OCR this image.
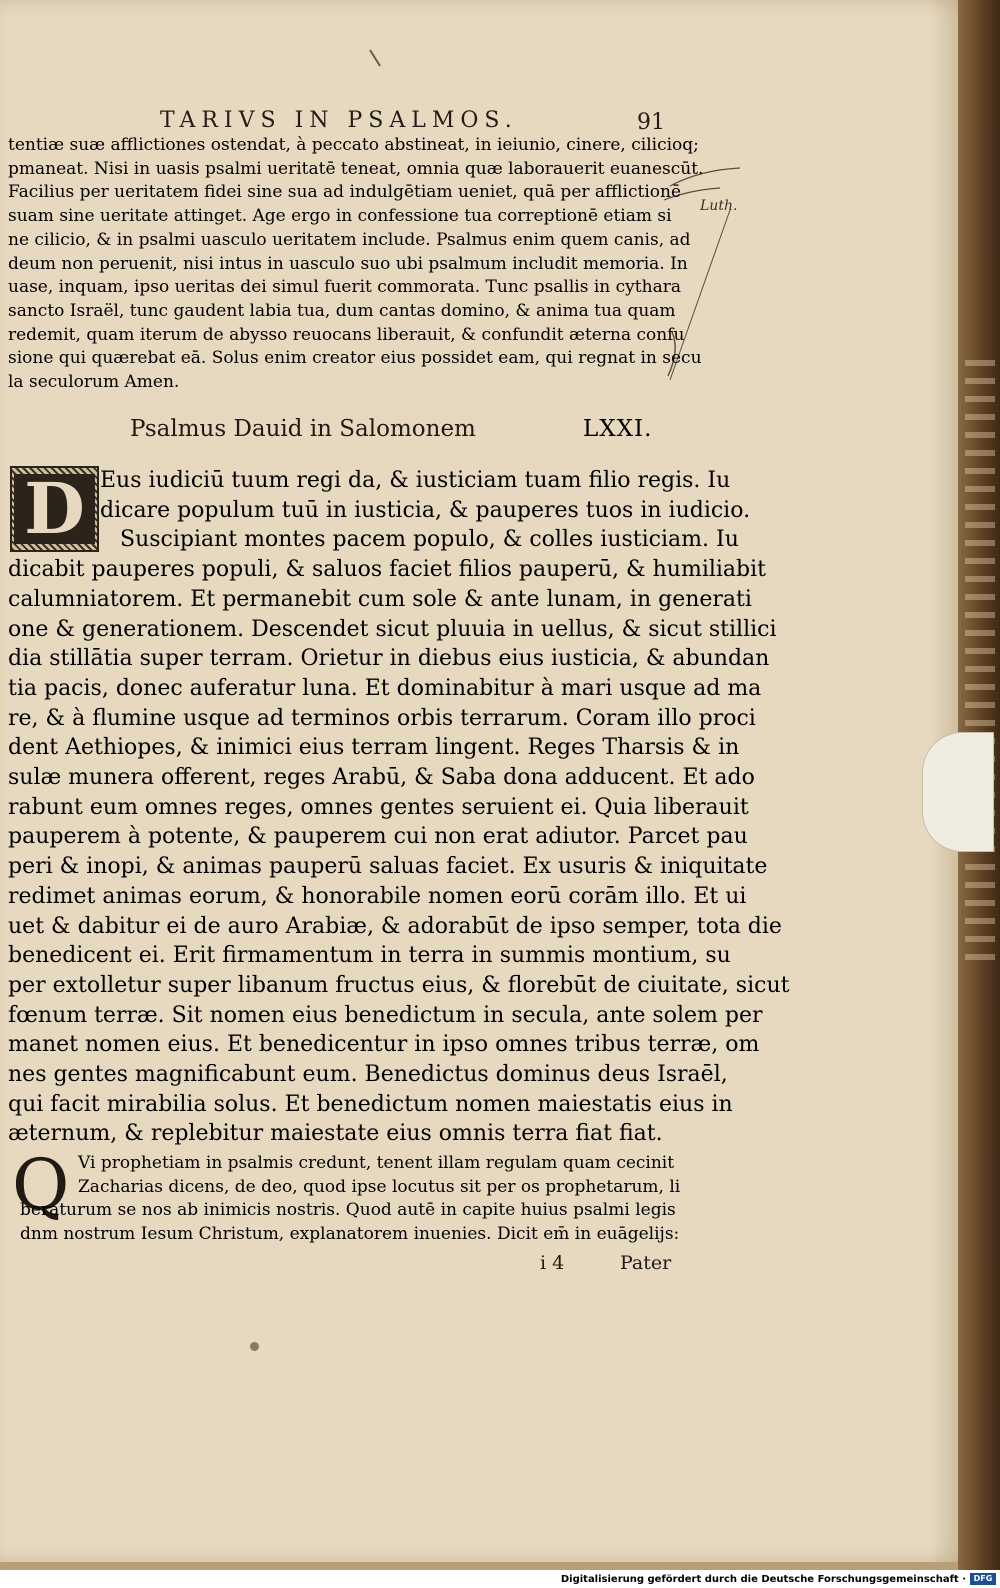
TARIVS IN PSALMOS.	91
Luth.
tentiæ suæ afflictiones ostendat, à peccato abstineat, in ieiunio, cinere, cilicioq;
pmaneat. Nisi in uasis psalmi ueritatē teneat, omnia quæ laborauerit euanescūt.
Facilius per ueritatem fidei sine sua ad indulgētiam ueniet, quā per afflictionē
suam sine ueritate attinget. Age ergo in confessione tua correptionē etiam si
ne cilicio, & in psalmi uasculo ueritatem include. Psalmus enim quem canis, ad
deum non peruenit, nisi intus in uasculo suo ubi psalmum includit memoria. In
uase, inquam, ipso ueritas dei simul fuerit commorata. Tunc psallis in cythara
sancto Israël, tunc gaudent labia tua, dum cantas domino, & anima tua quam
redemit, quam iterum de abysso reuocans liberauit, & confundit æterna confu
sione qui quærebat eā. Solus enim creator eius possidet eam, qui regnat in secu
la seculorum Amen.
Psalmus Dauid in Salomonem	LXXI.
Eus iudiciū tuum regi da, & iusticiam tuam filio regis. Iu
dicare populum tuū in iusticia, & pauperes tuos in iudicio.
Suscipiant montes pacem populo, & colles iusticiam. Iu
dicabit pauperes populi, & saluos faciet filios pauperū, & humiliabit
calumniatorem. Et permanebit cum sole & ante lunam, in generati
one & generationem. Descendet sicut pluuia in uellus, & sicut stillici
dia stillātia super terram. Orietur in diebus eius iusticia, & abundan
tia pacis, donec auferatur luna. Et dominabitur à mari usque ad ma
re, & à flumine usque ad terminos orbis terrarum. Coram illo proci
dent Aethiopes, & inimici eius terram lingent. Reges Tharsis & in
sulæ munera offerent, reges Arabū, & Saba dona adducent. Et ado
rabunt eum omnes reges, omnes gentes seruient ei. Quia liberauit
pauperem à potente, & pauperem cui non erat adiutor. Parcet pau
peri & inopi, & animas pauperū saluas faciet. Ex usuris & iniquitate
redimet animas eorum, & honorabile nomen eorū corām illo. Et ui
uet & dabitur ei de auro Arabiæ, & adorabūt de ipso semper, tota die
benedicent ei. Erit firmamentum in terra in summis montium, su
per extolletur super libanum fructus eius, & florebūt de ciuitate, sicut
fœnum terræ. Sit nomen eius benedictum in secula, ante solem per
manet nomen eius. Et benedicentur in ipso omnes tribus terræ, om
nes gentes magnificabunt eum. Benedictus dominus deus Israēl,
qui facit mirabilia solus. Et benedictum nomen maiestatis eius in
æternum, & replebitur maiestate eius omnis terra fiat fiat.
D
Q Vi prophetiam in psalmis credunt, tenent illam regulam quam cecinit
Zacharias dicens, de deo, quod ipse locutus sit per os prophetarum, li
beraturum se nos ab inimicis nostris. Quod autē in capite huius psalmi legis
dnm nostrum Iesum Christum, explanatorem inuenies. Dicit em̄ in euāgelijs:
i 4	Pater
Digitalisierung gefördert durch die Deutsche Forschungsgemeinschaft · DFG
